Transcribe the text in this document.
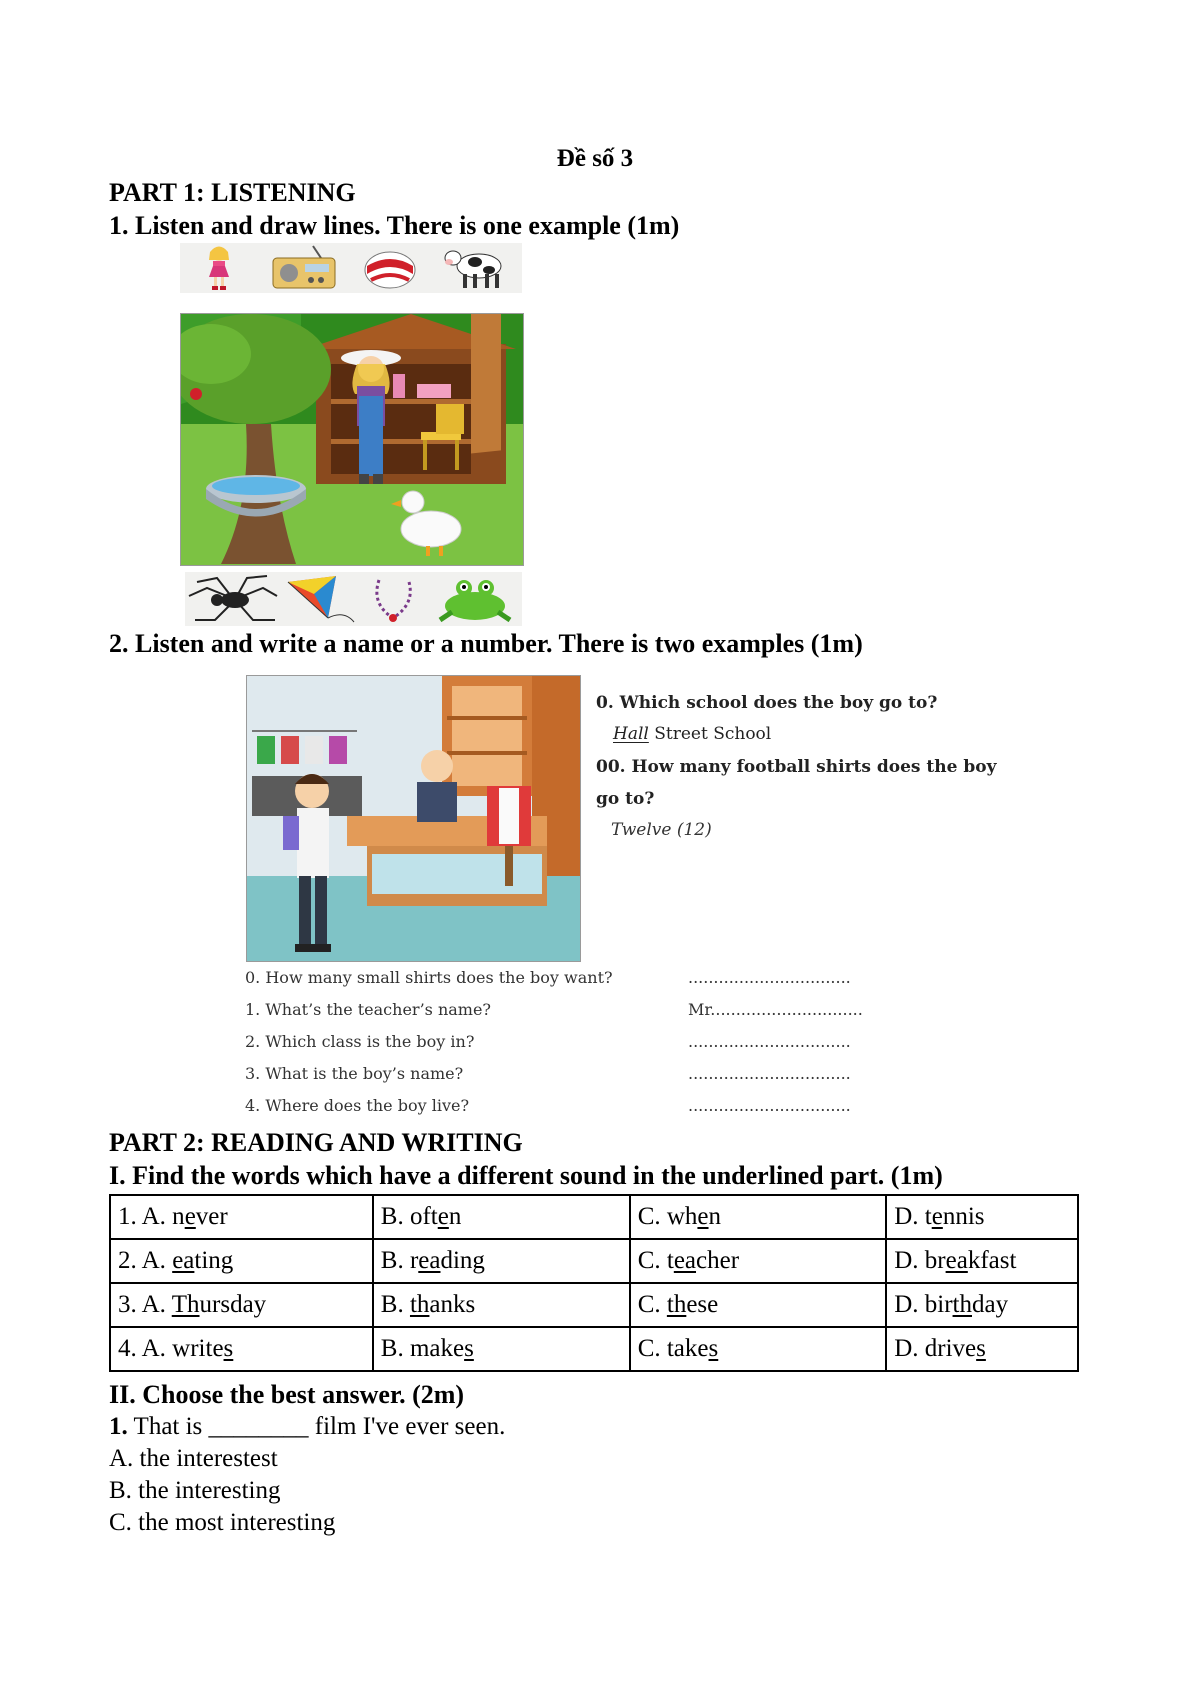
Đề số 3
PART 1: LISTENING
1. Listen and draw lines. There is one example (1m)
2. Listen and write a name or a number. There is two examples (1m)
0. Which school does the boy go to?
Hall Street School
00. How many football shirts does the boy
go to?
Twelve (12)
0. How many small shirts does the boy want?	................................
1. What’s the teacher’s name?	Mr..............................
2. Which class is the boy in?	................................
3. What is the boy’s name?	................................
4. Where does the boy live?	................................
PART 2: READING AND WRITING
I. Find the words which have a different sound in the underlined part. (1m)
1. A. never	B. often	C. when	D. tennis
2. A. eating	B. reading	C. teacher	D. breakfast
3. A. Thursday	B. thanks	C. these	D. birthday
4. A. writes	B. makes	C. takes	D. drives
II. Choose the best answer. (2m)
1. That is ________ film I've ever seen.
A. the interestest
B. the interesting
C. the most interesting
